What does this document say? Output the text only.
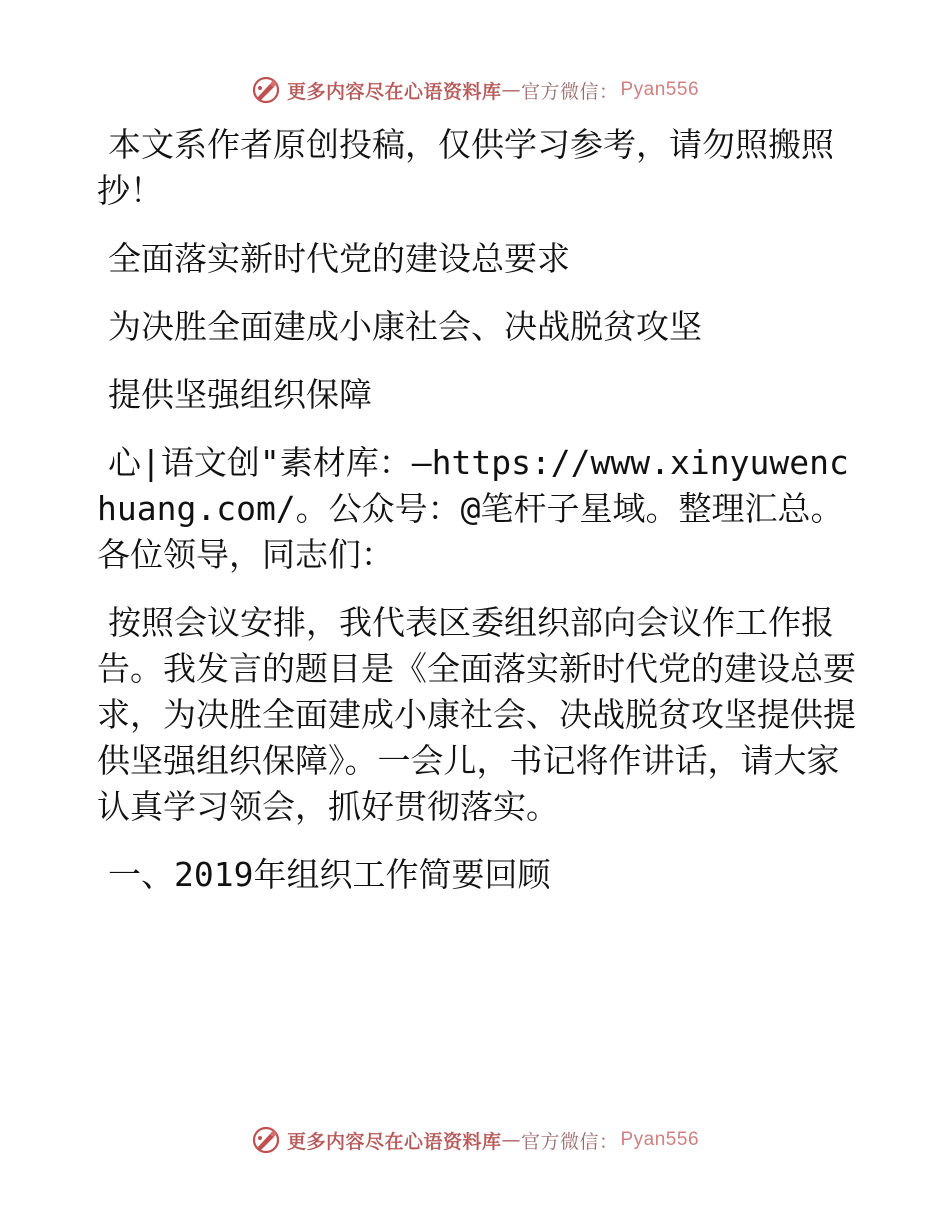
更多内容尽在心语资料库 — 官方微信： Pyan556

本文系作者原创投稿，仅供学习参考，请勿照搬照抄！

全面落实新时代党的建设总要求

为决胜全面建成小康社会、决战脱贫攻坚

提供坚强组织保障

心|语文创"素材库：—https://www.xinyuwenchuang.com/。公众号：@笔杆子星域。整理汇总。各位领导，同志们：

按照会议安排，我代表区委组织部向会议作工作报告。我发言的题目是《全面落实新时代党的建设总要求，为决胜全面建成小康社会、决战脱贫攻坚提供提供坚强组织保障》。一会儿，书记将作讲话，请大家认真学习领会，抓好贯彻落实。

一、2019年组织工作简要回顾

更多内容尽在心语资料库 — 官方微信： Pyan556
